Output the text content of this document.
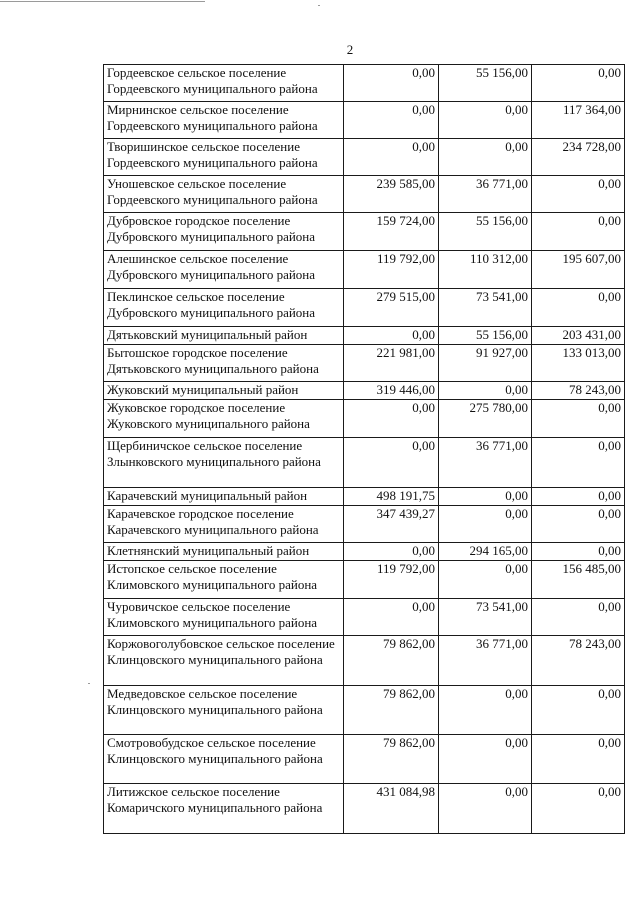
2
Гордеевское сельское поселение Гордеевского муниципального района	0,00	55 156,00	0,00
Мирнинское сельское поселение Гордеевского муниципального района	0,00	0,00	117 364,00
Творишинское сельское поселение Гордеевского муниципального района	0,00	0,00	234 728,00
Уношевское сельское поселение Гордеевского муниципального района	239 585,00	36 771,00	0,00
Дубровское городское поселение Дубровского муниципального района	159 724,00	55 156,00	0,00
Алешинское сельское поселение Дубровского муниципального района	119 792,00	110 312,00	195 607,00
Пеклинское сельское поселение Дубровского муниципального района	279 515,00	73 541,00	0,00
Дятьковский муниципальный район	0,00	55 156,00	203 431,00
Бытошское городское поселение Дятьковского муниципального района	221 981,00	91 927,00	133 013,00
Жуковский муниципальный район	319 446,00	0,00	78 243,00
Жуковское городское поселение Жуковского муниципального района	0,00	275 780,00	0,00
Щербиничское сельское поселение Злынковского муниципального района	0,00	36 771,00	0,00
Карачевский муниципальный район	498 191,75	0,00	0,00
Карачевское городское поселение Карачевского муниципального района	347 439,27	0,00	0,00
Клетнянский муниципальный район	0,00	294 165,00	0,00
Истопское сельское поселение Климовского муниципального района	119 792,00	0,00	156 485,00
Чуровичское сельское поселение Климовского муниципального района	0,00	73 541,00	0,00
Коржовоголубовское сельское поселение Клинцовского муниципального района	79 862,00	36 771,00	78 243,00
Медведовское сельское поселение Клинцовского муниципального района	79 862,00	0,00	0,00
Смотровобудское сельское поселение Клинцовского муниципального района	79 862,00	0,00	0,00
Литижское сельское поселение Комаричского муниципального района	431 084,98	0,00	0,00
